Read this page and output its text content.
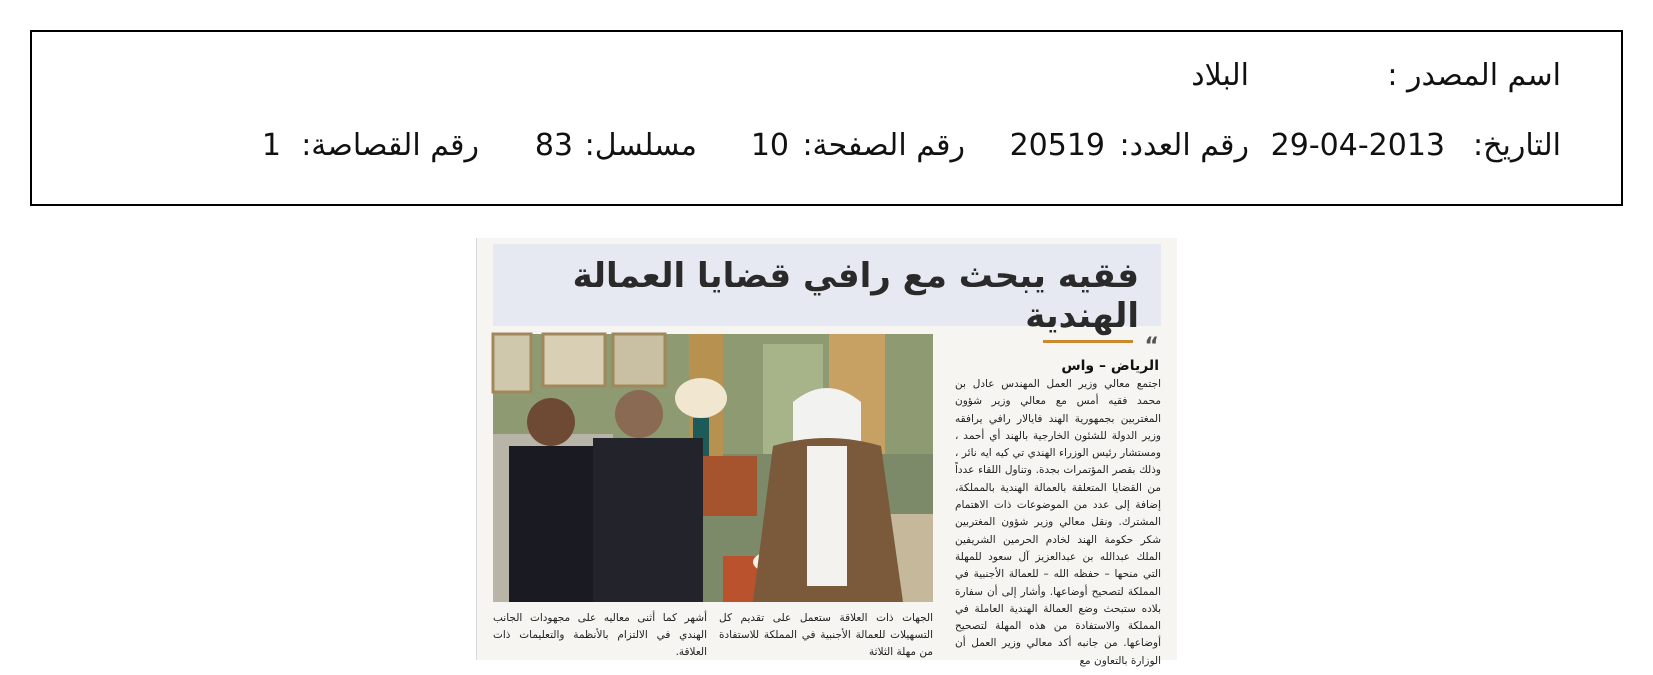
اسم المصدر :
البلاد
التاريخ:
29-04-2013
رقم العدد:
20519
رقم الصفحة:
10
مسلسل:
83
رقم القصاصة:
1
فقيه يبحث مع رافي قضايا العمالة الهندية
“
الرياض – واس
اجتمع معالي وزير العمل المهندس عادل بن محمد فقيه أمس مع معالي وزير شؤون المغتربين بجمهورية الهند فايالار رافي يرافقه وزير الدولة للشئون الخارجية بالهند أي أحمد ، ومستشار رئيس الوزراء الهندي تي كيه ايه نائر ، وذلك بقصر المؤتمرات بجدة. وتناول اللقاء عدداً من القضايا المتعلقة بالعمالة الهندية بالمملكة، إضافة إلى عدد من الموضوعات ذات الاهتمام المشترك. ونقل معالي وزير شؤون المغتربين شكر حكومة الهند لخادم الحرمين الشريفين الملك عبدالله بن عبدالعزيز آل سعود للمهلة التي منحها – حفظه الله – للعمالة الأجنبية في المملكة لتصحيح أوضاعها. وأشار إلى أن سفارة بلاده ستبحث وضع العمالة الهندية العاملة في المملكة والاستفادة من هذه المهلة لتصحيح أوضاعها. من جانبه أكد معالي وزير العمل أن الوزارة بالتعاون مع
الجهات ذات العلاقة ستعمل على تقديم كل التسهيلات للعمالة الأجنبية في المملكة للاستفادة من مهلة الثلاثة
أشهر كما أثنى معاليه على مجهودات الجانب الهندي في الالتزام بالأنظمة والتعليمات ذات العلاقة.
